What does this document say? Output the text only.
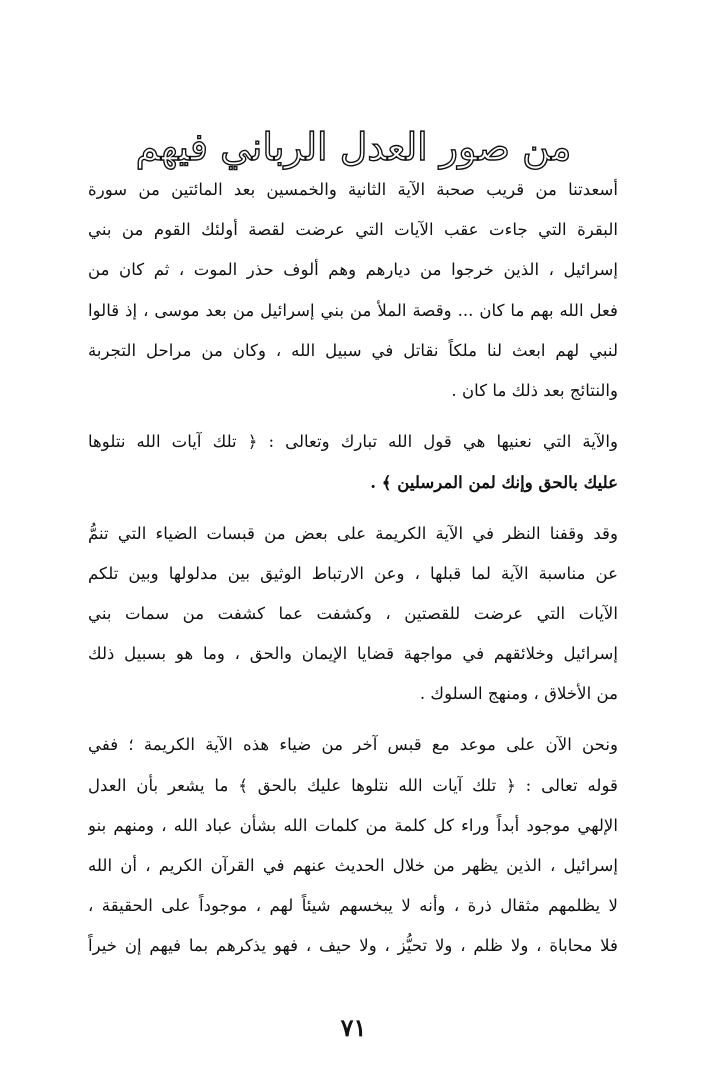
من صور العدل الرباني فيهم

أسعدتنا من قريب صحبة الآية الثانية والخمسين بعد المائتين من سورة
البقرة التي جاءت عقب الآيات التي عرضت لقصة أولئك القوم من بني
إسرائيل ، الذين خرجوا من ديارهم وهم ألوف حذر الموت ، ثم كان من
فعل الله بهم ما كان ... وقصة الملأ من بني إسرائيل من بعد موسى ، إذ قالوا
لنبي لهم ابعث لنا ملكاً نقاتل في سبيل الله ، وكان من مراحل التجربة
والنتائج بعد ذلك ما كان .

والآية التي نعنيها هي قول الله تبارك وتعالى : ﴿ تلك آيات الله نتلوها
عليك بالحق وإنك لمن المرسلين ﴾ .

وقد وقفنا النظر في الآية الكريمة على بعض من قبسات الضياء التي تنمُّ
عن مناسبة الآية لما قبلها ، وعن الارتباط الوثيق بين مدلولها وبين تلكم
الآيات التي عرضت للقصتين ، وكشفت عما كشفت من سمات بني
إسرائيل وخلائقهم في مواجهة قضايا الإيمان والحق ، وما هو بسبيل ذلك
من الأخلاق ، ومنهج السلوك .

ونحن الآن على موعد مع قبس آخر من ضياء هذه الآية الكريمة ؛ ففي
قوله تعالى : ﴿ تلك آيات الله نتلوها عليك بالحق ﴾ ما يشعر بأن العدل
الإلهي موجود أبداً وراء كل كلمة من كلمات الله بشأن عباد الله ، ومنهم بنو
إسرائيل ، الذين يظهر من خلال الحديث عنهم في القرآن الكريم ، أن الله
لا يظلمهم مثقال ذرة ، وأنه لا يبخسهم شيئاً لهم ، موجوداً على الحقيقة ،
فلا محاباة ، ولا ظلم ، ولا تحيُّز ، ولا حيف ، فهو يذكرهم بما فيهم إن خيراً

٧١
